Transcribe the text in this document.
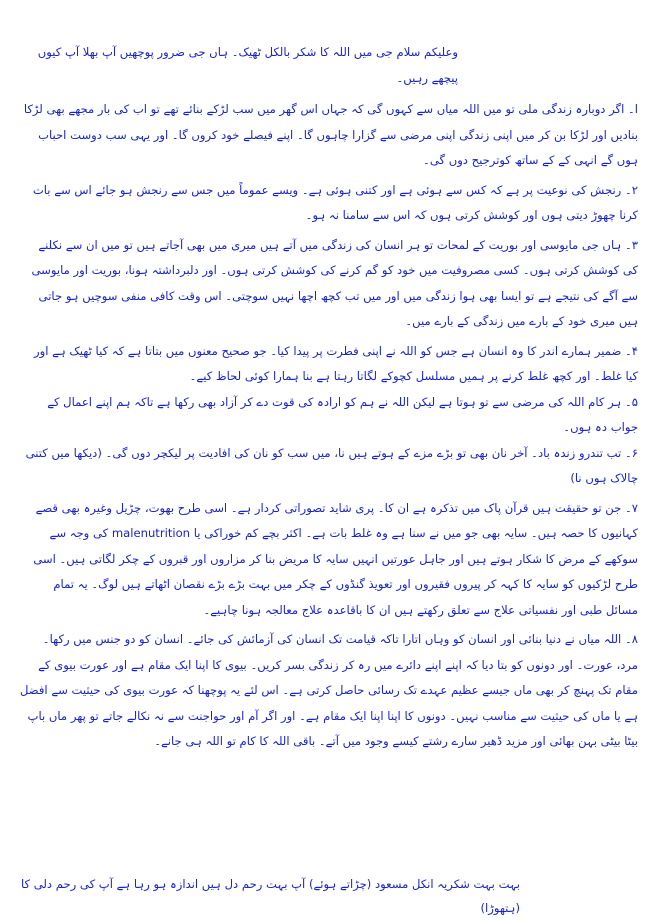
وعلیکم سلام جی میں اللہ کا شکر بالکل ٹھیک۔ ہاں جی ضرور پوچھیں آپ بھلا آپ کیوں پیچھے رہیں۔

ا۔ اگر دوبارہ زندگی ملی تو میں اللہ میاں سے کہوں گی کہ جہاں اس گھر میں سب لڑکے بنائے تھے تو اب کی بار مجھے بھی لڑکا بنادیں اور لڑکا بن کر میں اپنی زندگی اپنی مرضی سے گزارا چاہوں گا۔ اپنے فیصلے خود کروں گا۔ اور یہی سب دوست احباب ہوں گے انہی کے کے ساتھ کوترجیح دوں گی۔

۲۔ رنجش کی نوعیت پر ہے کہ کس سے ہوئی ہے اور کتنی ہوئی ہے۔ ویسے عموماً میں جس سے رنجش ہو جائے اس سے بات کرنا چھوڑ دیتی ہوں اور کوشش کرتی ہوں کہ اس سے سامنا نہ ہو۔

۳۔ ہاں جی مایوسی اور بوریت کے لمحات تو ہر انسان کی زندگی میں آتے ہیں میری میں بھی آجاتے ہیں تو میں ان سے نکلنے کی کوشش کرتی ہوں۔ کسی مصروفیت میں خود کو گم کرنے کی کوشش کرتی ہوں۔ اور دلبرداشتہ ہونا، بوریت اور مایوسی سے آگے کی نتیجے ہے تو ایسا بھی ہوا زندگی میں اور میں تب کچھ اچھا نہیں سوچتی۔ اس وقت کافی منفی سوچیں ہو جاتی ہیں میری خود کے بارے میں زندگی کے بارے میں۔

۴۔ ضمیر ہمارے اندر کا وہ انسان ہے جس کو اللہ نے اپنی فطرت پر پیدا کیا۔ جو صحیح معنوں میں بتاتا ہے کہ کیا ٹھیک ہے اور کیا غلط۔ اور کچھ غلط کرنے پر ہمیں مسلسل کچوکے لگاتا رہتا ہے بنا ہمارا کوئی لحاظ کیے۔

۵۔ ہر کام اللہ کی مرضی سے تو ہوتا ہے لیکن اللہ نے ہم کو ارادہ کی قوت دے کر آزاد بھی رکھا ہے تاکہ ہم اپنے اعمال کے جواب دہ ہوں۔

۶۔ تب تندرو زندہ باد۔ آخر نان بھی تو بڑے مزے کے ہوتے ہیں نا، میں سب کو نان کی افادیت پر لیکچر دوں گی۔ (دیکھا میں کتنی چالاک ہوں نا)

۷۔ جن تو حقیقت ہیں قرآن پاک میں تذکرہ ہے ان کا۔ پری شاید تصوراتی کردار ہے۔ اسی طرح بھوت، چڑیل وغیرہ بھی قصے کہانیوں کا حصہ ہیں۔ سایہ بھی جو میں نے سنا ہے وہ غلط بات ہے۔ اکثر بچے کم خوراکی یا malenutrition کی وجہ سے سوکھے کے مرض کا شکار ہوتے ہیں اور جاہل عورتیں انہیں سایہ کا مریض بنا کر مزاروں اور قبروں کے چکر لگاتی ہیں۔ اسی طرح لڑکیوں کو سایہ کا کہہ کر پیروں فقیروں اور تعویذ گنڈوں کے چکر میں بہت بڑے بڑے نقصان اٹھاتے ہیں لوگ۔ یہ تمام مسائل طبی اور نفسیاتی علاج سے تعلق رکھتے ہیں ان کا باقاعدہ علاج معالجہ ہونا چاہیے۔

۸۔ اللہ میاں نے دنیا بنائی اور انسان کو وہاں اتارا تاکہ قیامت تک انسان کی آزمائش کی جائے۔ انسان کو دو جنس میں رکھا۔ مرد، عورت۔ اور دونوں کو بتا دیا کہ اپنے اپنے دائرے میں رہ کر زندگی بسر کریں۔ بیوی کا اپنا ایک مقام ہے اور عورت بیوی کے مقام تک پہنچ کر بھی ماں جیسے عظیم عہدے تک رسائی حاصل کرتی ہے۔ اس لئے یہ پوچھنا کہ عورت بیوی کی حیثیت سے افضل ہے یا ماں کی حیثیت سے مناسب نہیں۔ دونوں کا اپنا اپنا ایک مقام ہے۔ اور اگر آم اور حواجنت سے نہ نکالے جاتے تو پھر ماں باپ بیٹا بیٹی بہن بھائی اور مزید ڈھیر سارے رشتے کیسے وجود میں آتے۔ باقی اللہ کا کام تو اللہ ہی جانے۔

بہت بہت شکریہ انکل مسعود (چڑاتے ہوئے) آپ بہت رحم دل ہیں اندازہ ہو رہا ہے آپ کی رحم دلی کا (ہتھوڑا)
